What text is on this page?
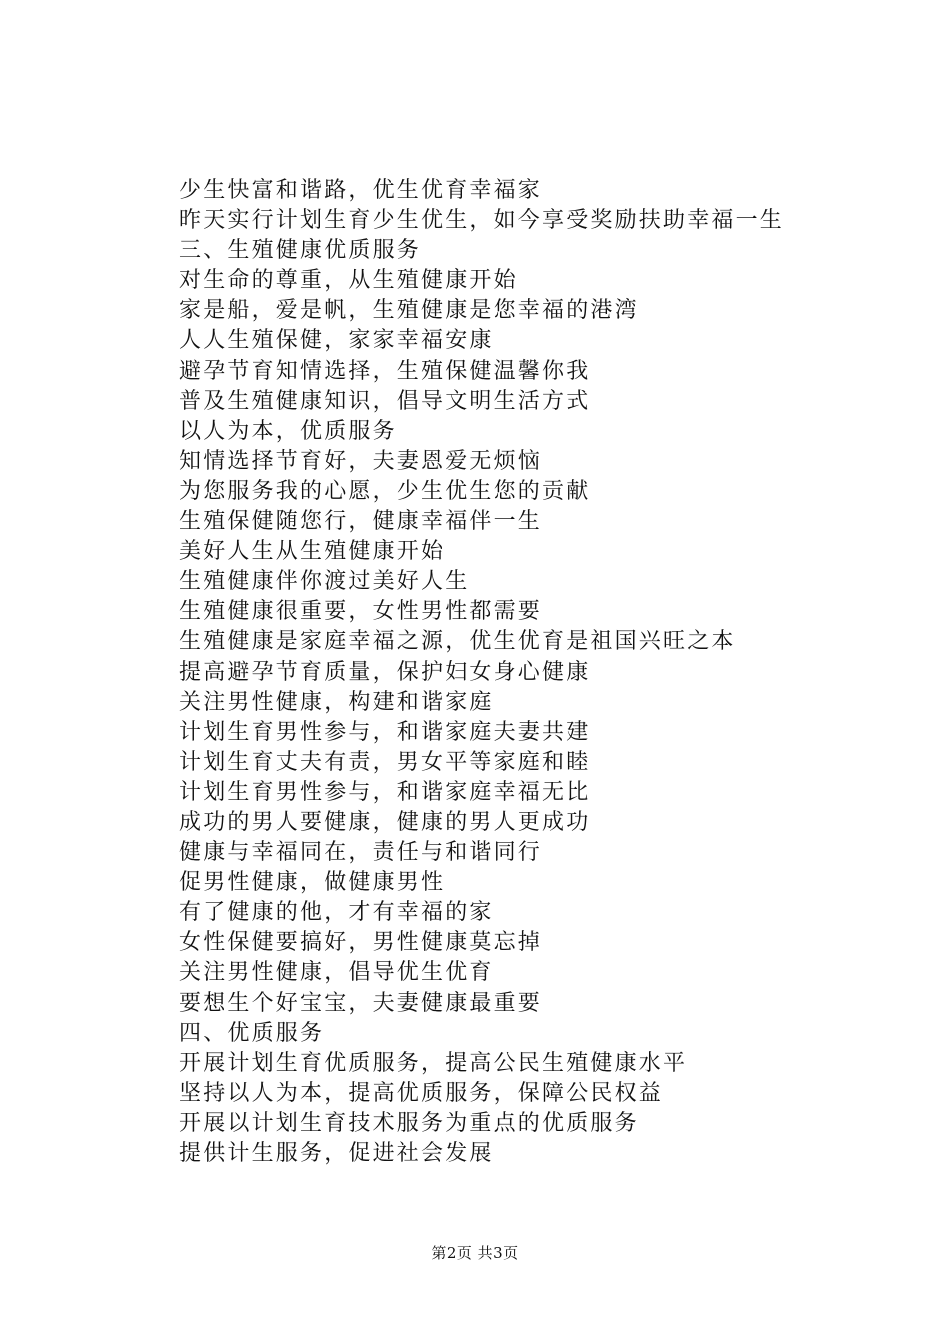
少生快富和谐路，优生优育幸福家
昨天实行计划生育少生优生，如今享受奖励扶助幸福一生
三、生殖健康优质服务
对生命的尊重，从生殖健康开始
家是船，爱是帆，生殖健康是您幸福的港湾
人人生殖保健，家家幸福安康
避孕节育知情选择，生殖保健温馨你我
普及生殖健康知识，倡导文明生活方式
以人为本，优质服务
知情选择节育好，夫妻恩爱无烦恼
为您服务我的心愿，少生优生您的贡献
生殖保健随您行，健康幸福伴一生
美好人生从生殖健康开始
生殖健康伴你渡过美好人生
生殖健康很重要，女性男性都需要
生殖健康是家庭幸福之源，优生优育是祖国兴旺之本
提高避孕节育质量，保护妇女身心健康
关注男性健康，构建和谐家庭
计划生育男性参与，和谐家庭夫妻共建
计划生育丈夫有责，男女平等家庭和睦
计划生育男性参与，和谐家庭幸福无比
成功的男人要健康，健康的男人更成功
健康与幸福同在，责任与和谐同行
促男性健康，做健康男性
有了健康的他，才有幸福的家
女性保健要搞好，男性健康莫忘掉
关注男性健康，倡导优生优育
要想生个好宝宝，夫妻健康最重要
四、优质服务
开展计划生育优质服务，提高公民生殖健康水平
坚持以人为本，提高优质服务，保障公民权益
开展以计划生育技术服务为重点的优质服务
提供计生服务，促进社会发展
第2页 共3页
